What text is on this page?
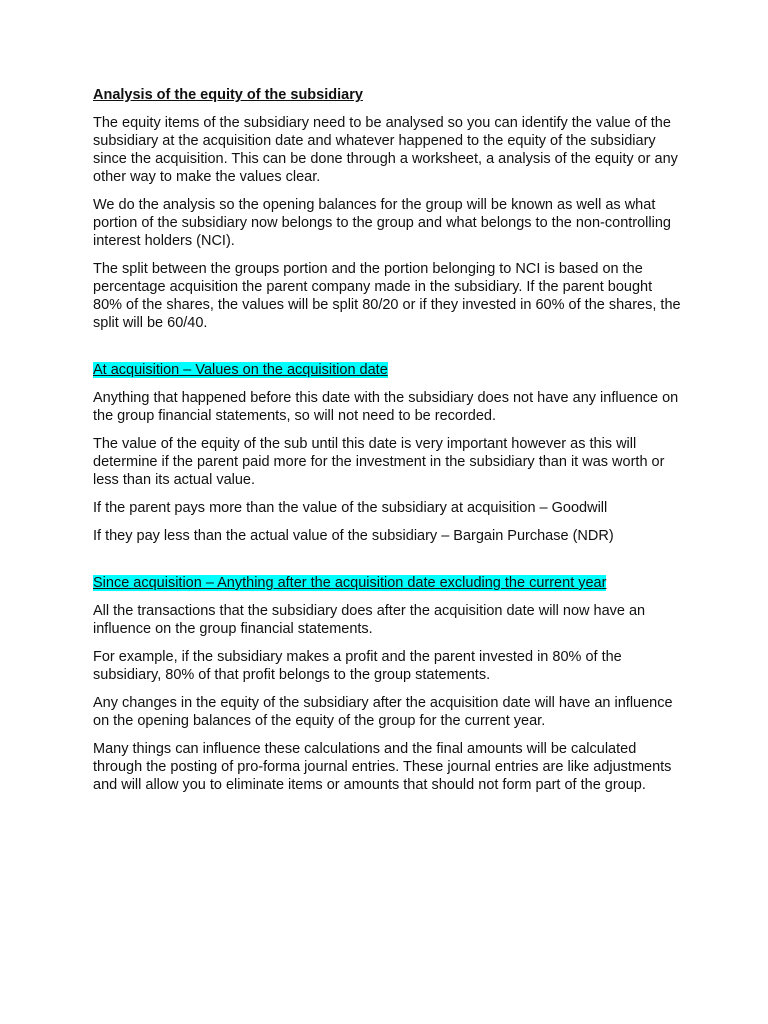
Analysis of the equity of the subsidiary

The equity items of the subsidiary need to be analysed so you can identify the value of the subsidiary at the acquisition date and whatever happened to the equity of the subsidiary since the acquisition. This can be done through a worksheet, a analysis of the equity or any other way to make the values clear.

We do the analysis so the opening balances for the group will be known as well as what portion of the subsidiary now belongs to the group and what belongs to the non-controlling interest holders (NCI).

The split between the groups portion and the portion belonging to NCI is based on the percentage acquisition the parent company made in the subsidiary. If the parent bought 80% of the shares, the values will be split 80/20 or if they invested in 60% of the shares, the split will be 60/40.

At acquisition – Values on the acquisition date

Anything that happened before this date with the subsidiary does not have any influence on the group financial statements, so will not need to be recorded.

The value of the equity of the sub until this date is very important however as this will determine if the parent paid more for the investment in the subsidiary than it was worth or less than its actual value.

If the parent pays more than the value of the subsidiary at acquisition – Goodwill

If they pay less than the actual value of the subsidiary – Bargain Purchase (NDR)

Since acquisition – Anything after the acquisition date excluding the current year

All the transactions that the subsidiary does after the acquisition date will now have an influence on the group financial statements.

For example, if the subsidiary makes a profit and the parent invested in 80% of the subsidiary, 80% of that profit belongs to the group statements.

Any changes in the equity of the subsidiary after the acquisition date will have an influence on the opening balances of the equity of the group for the current year.

Many things can influence these calculations and the final amounts will be calculated through the posting of pro-forma journal entries. These journal entries are like adjustments and will allow you to eliminate items or amounts that should not form part of the group.
